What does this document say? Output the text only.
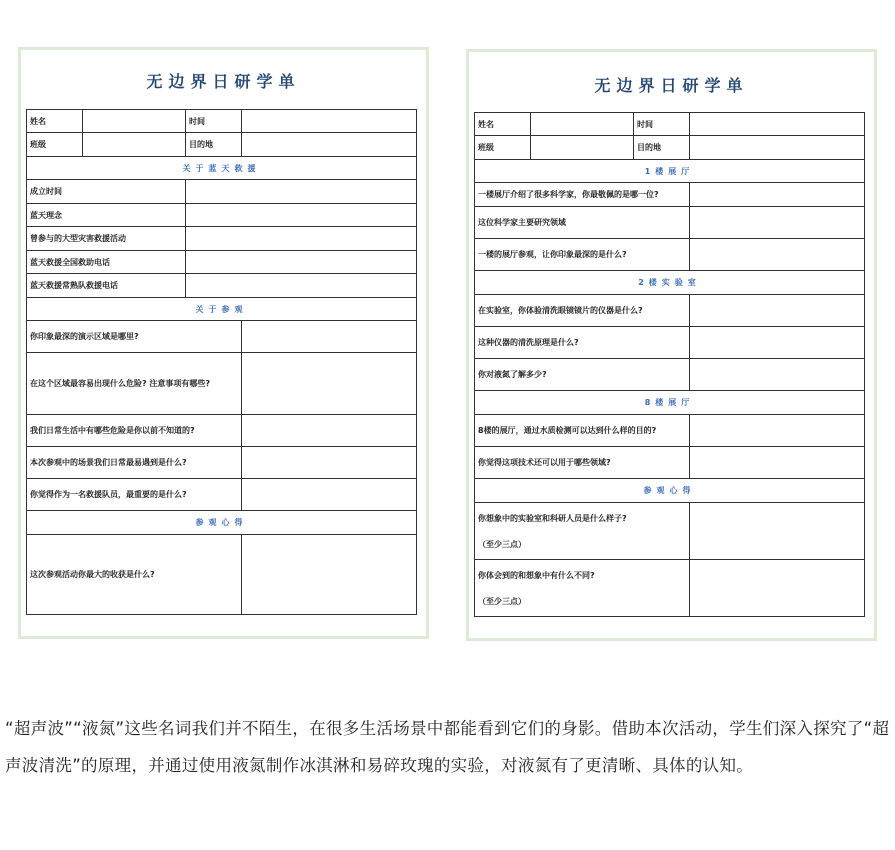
无边界日研学单
姓名		时间	
班级		目的地	
关于蓝天救援			
成立时间			
蓝天理念			
曾参与的大型灾害救援活动			
蓝天救援全国救助电话			
蓝天救援常熟队救援电话			
关于参观			
你印象最深的演示区域是哪里?			
在这个区域最容易出现什么危险? 注意事项有哪些?			
我们日常生活中有哪些危险是你以前不知道的?			
本次参观中的场景我们日常最易遇到是什么?			
你觉得作为一名救援队员，最重要的是什么?			
参观心得			
这次参观活动你最大的收获是什么?			
无边界日研学单
姓名		时间	
班级		目的地	
1楼展厅			
一楼展厅介绍了很多科学家，你最敬佩的是哪一位?			
这位科学家主要研究领域			
一楼的展厅参观，让你印象最深的是什么?			
2楼实验室			
在实验室，你体验清洗眼镜镜片的仪器是什么?			
这种仪器的清洗原理是什么?			
你对液氮了解多少?			
8楼展厅			
8楼的展厅，通过水质检测可以达到什么样的目的?			
你觉得这项技术还可以用于哪些领域?			
参观心得			
你想象中的实验室和科研人员是什么样子?
（至少三点）			

你体会到的和想象中有什么不同?
（至少三点）			

“超声波”“液氮”这些名词我们并不陌生，在很多生活场景中都能看到它们的身影。借助本次活动，学生们深入探究了“超声波清洗”的原理，并通过使用液氮制作冰淇淋和易碎玫瑰的实验，对液氮有了更清晰、具体的认知。
